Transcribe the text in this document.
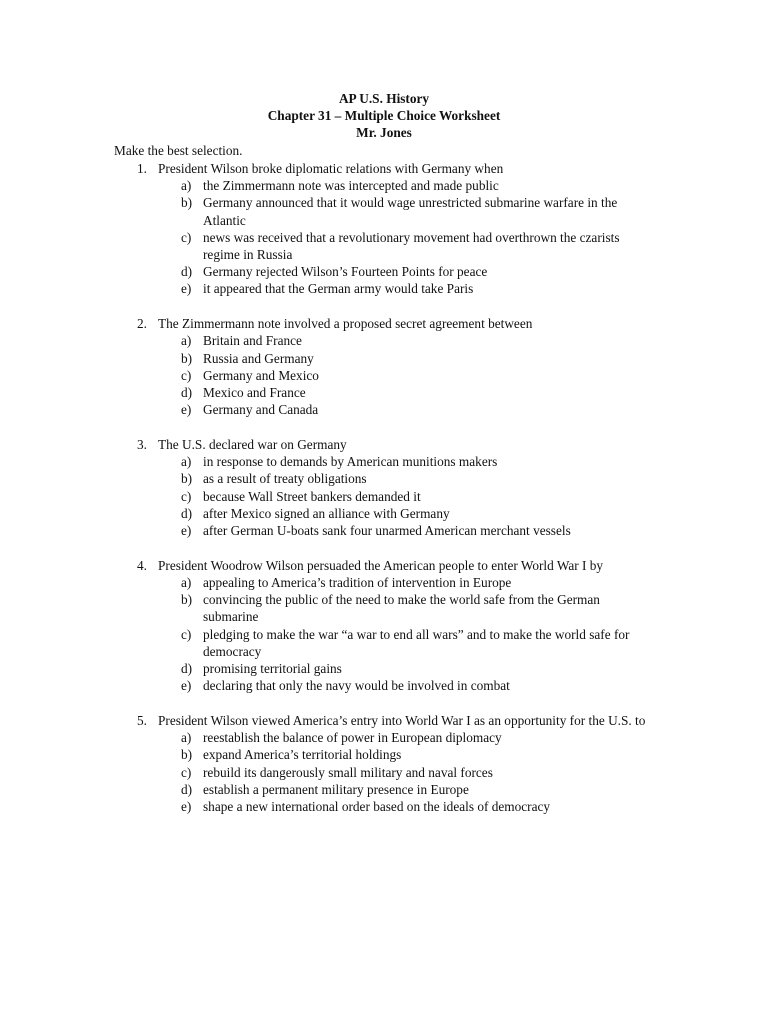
AP U.S. History
Chapter 31 – Multiple Choice Worksheet
Mr. Jones
Make the best selection.
1. President Wilson broke diplomatic relations with Germany when
a) the Zimmermann note was intercepted and made public
b) Germany announced that it would wage unrestricted submarine warfare in the Atlantic
c) news was received that a revolutionary movement had overthrown the czarists regime in Russia
d) Germany rejected Wilson’s Fourteen Points for peace
e) it appeared that the German army would take Paris
2. The Zimmermann note involved a proposed secret agreement between
a) Britain and France
b) Russia and Germany
c) Germany and Mexico
d) Mexico and France
e) Germany and Canada
3. The U.S. declared war on Germany
a) in response to demands by American munitions makers
b) as a result of treaty obligations
c) because Wall Street bankers demanded it
d) after Mexico signed an alliance with Germany
e) after German U-boats sank four unarmed American merchant vessels
4. President Woodrow Wilson persuaded the American people to enter World War I by
a) appealing to America’s tradition of intervention in Europe
b) convincing the public of the need to make the world safe from the German submarine
c) pledging to make the war “a war to end all wars” and to make the world safe for democracy
d) promising territorial gains
e) declaring that only the navy would be involved in combat
5. President Wilson viewed America’s entry into World War I as an opportunity for the U.S. to
a) reestablish the balance of power in European diplomacy
b) expand America’s territorial holdings
c) rebuild its dangerously small military and naval forces
d) establish a permanent military presence in Europe
e) shape a new international order based on the ideals of democracy
